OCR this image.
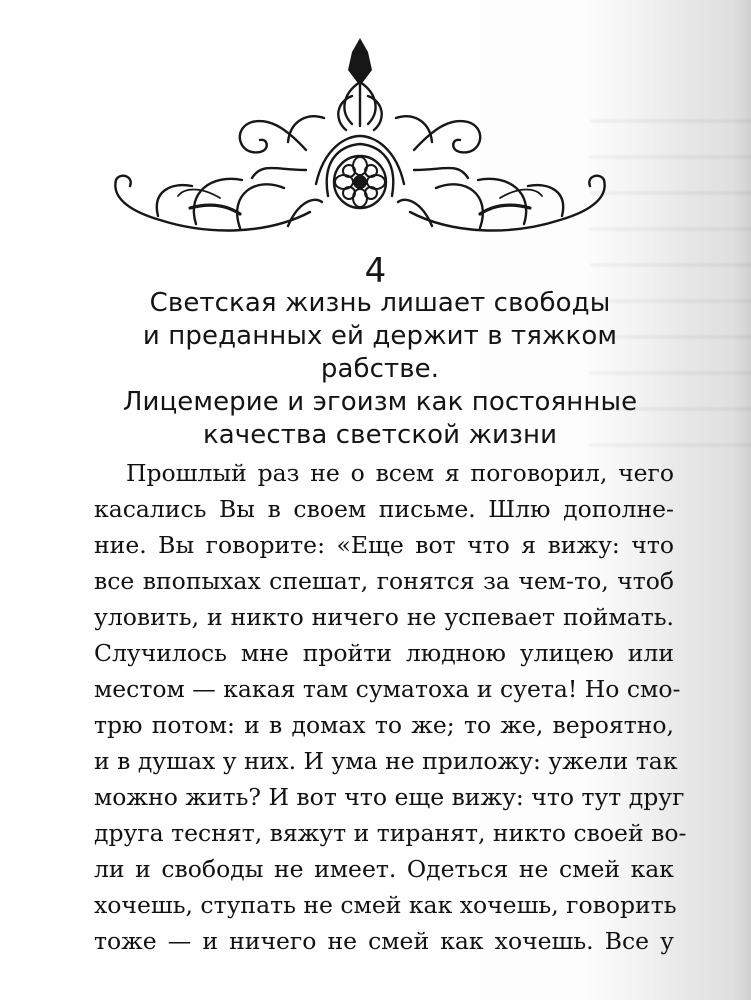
4
Светская жизнь лишает свободы
и преданных ей держит в тяжком рабстве.
Лицемерие и эгоизм как постоянные
качества светской жизни
Прошлый раз не о всем я поговорил, чего
касались Вы в своем письме. Шлю дополне-
ние. Вы говорите: «Еще вот что я вижу: что
все впопыхах спешат, гонятся за чем-то, чтоб
уловить, и никто ничего не успевает поймать.
Случилось мне пройти людною улицею или
местом — какая там суматоха и суета! Но смо-
трю потом: и в домах то же; то же, вероятно,
и в душах у них. И ума не приложу: ужели так
можно жить? И вот что еще вижу: что тут друг
друга теснят, вяжут и тиранят, никто своей во-
ли и свободы не имеет. Одеться не смей как
хочешь, ступать не смей как хочешь, говорить
тоже — и ничего не смей как хочешь. Все у
